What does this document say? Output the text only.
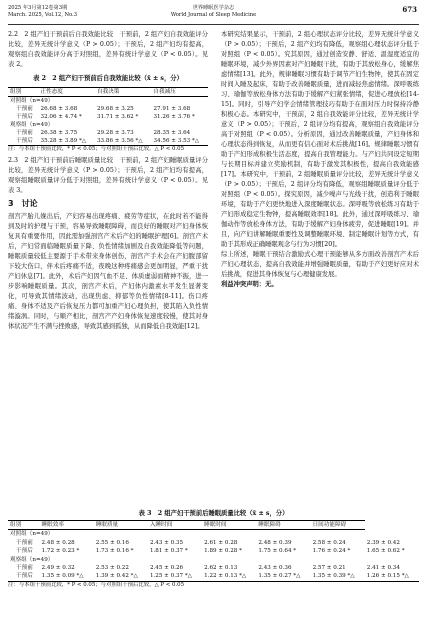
2025 年3月第12卷第3期
March. 2025, Vol.12, No.3
世界睡眠医学杂志
World Journal of Sleep Medicine
673

2.2　2 组产妇干预前后自我效能比较　干预前，2 组产妇自我效能评分比较，差异无统计学意义（P > 0.05）；干预后，2 组产妇均有提高，观察组自我效能评分高于对照组，差异有统计学意义（P < 0.05）。见表 2。

表 2　2 组产妇干预前后自我效能比较（x̄ ± s，分）
组别	正性态度	自我决策	自我减压
对照组（n=49）			
干预前	26.68 ± 3.68	29.68 ± 3.25	27.91 ± 3.68
干预后	32.06 ± 4.74 *	31.71 ± 3.62 *	31.26 ± 3.76 *
观察组（n=49）			
干预前	26.38 ± 3.75	29.28 ± 3.73	28.35 ± 3.64
干预后	35.28 ± 3.89 *△	33.86 ± 3.56 *△	34.56 ± 3.53 *△
注：与本组干预前比较，* P < 0.05；与对照组干预后比较，△ P < 0.05

2.3　2 组产妇干预前后睡眠质量比较　干预前，2 组产妇睡眠质量评分比较，差异无统计学意义（P > 0.05）；干预后，2 组产妇均有提高，观察组睡眠质量评分低于对照组，差异有统计学意义（P < 0.05）。见表 3。

3　讨论

剖宫产胎儿娩出后，产妇容易出现疼痛、疲劳等症状，在此时若不能得到及时的护理与干预，容易导致睡眠障碍，而良好的睡眠对产妇身体恢复具有重要作用，因此需加强剖宫产术后产妇的睡眠护理[6]。剖宫产术后，产妇常面临睡眠质量下降、负性情绪加剧及自我效能降低等问题，睡眠质量较低主要源于手术带来身体创伤，剖宫产手术会在产妇腹部留下较大伤口，伴术后疼痛不适，夜晚这种疼痛感会更加明显，严重干扰产妇休息[7]。此外，术后产妇因气血不足、体质虚弱而精神不振，进一步影响睡眠质量。其次，剖宫产术后，产妇体内激素水平发生显著变化，可导致其情绪波动，出现焦虑、抑郁等负性情绪[8-11]。伤口疼痛、身体不适及产后恢复压力都可加重产妇心理负担，使其陷入负性情绪漩涡。同时，与顺产相比，剖宫产产妇身体恢复速度较慢，使其对身体状况产生不满与挫败感，导致其感到孤独，从而降低自我效能[12]。

本研究结果显示，干预前，2 组心理状态评分比较，差异无统计学意义（P > 0.05）；干预后，2 组产妇均有降低，观察组心理状态评分低于对照组（P < 0.05）。究其原因，通过创造安静、舒适、温湿度适宜的睡眠环境，减少外界因素对产妇睡眠干扰，有助于其放松身心，缓解焦虑情绪[13]。此外，规律睡眠习惯有助于调节产妇生物钟，使其在固定时间入睡及起床，有助于改善睡眠质量，进而减轻焦虑情绪。深呼吸练习、瑜伽等放松身体方法有助于缓解产妇紧张情绪，促进心理放松[14-15]。同时，引导产妇学会情绪管理技巧有助于在面对压力时保持冷静积极心态。本研究中，干预前，2 组自我效能评分比较，差异无统计学意义（P > 0.05）；干预后，2 组评分均有提高，观察组自我效能评分高于对照组（P < 0.05）。分析原因，通过改善睡眠质量，产妇身体和心理状态得到恢复，从而更有信心面对术后挑战[16]。规律睡眠习惯有助于产妇形成积极生活态度，提高自我管理能力。与产妇共同设定短期与长期目标并建立奖励机制，有助于激发其积极性，提高自我效能感[17]。本研究中，干预前，2 组睡眠质量评分比较，差异无统计学意义（P > 0.05）；干预后，2 组评分均有降低，观察组睡眠质量评分低于对照组（P < 0.05）。探究原因，减少噪声与光线干扰，创造利于睡眠环境，有助于产妇更快地进入深度睡眠状态。深呼吸等放松练习有助于产妇形成稳定生物钟，提高睡眠效率[18]。此外，通过深呼吸练习、瑜伽动作等放松身体方法，有助于缓解产妇身体疲劳，促进睡眠[19]。并且，向产妇讲解睡眠重要性及调整睡眠环境、制定睡眠计划等方式，有助于其形成正确睡眠观念与行为习惯[20]。

综上所述，睡眠干预结合激励式心理干预能够从多方面改善剖宫产术后产妇心理状态，提高自我效能并增强睡眠质量，有助于产妇更好应对术后挑战，促进其身体恢复与心理健康发展。

利益冲突声明：无。

表 3　2 组产妇干预前后睡眠质量比较（x̄ ± s，分）
组别	睡眠效率	睡眠质量	入睡时间	睡眠时间	睡眠障碍	日间功能障碍	
对照组（n=49）							
干预前	2.48 ± 0.28	2.55 ± 0.16	2.43 ± 0.35	2.61 ± 0.28	2.48 ± 0.39	2.58 ± 0.24	2.39 ± 0.42
干预后	1.72 ± 0.23 *	1.73 ± 0.16 *	1.81 ± 0.37 *	1.89 ± 0.28 *	1.75 ± 0.64 *	1.76 ± 0.24 *	1.65 ± 0.62 *
观察组（n=49）							
干预前	2.49 ± 0.32	2.53 ± 0.22	2.45 ± 0.26	2.62 ± 0.13	2.43 ± 0.36	2.57 ± 0.21	2.41 ± 0.34
干预后	1.35 ± 0.09 *△	1.39 ± 0.42 *△	1.25 ± 0.37 *△	1.22 ± 0.13 *△	1.35 ± 0.27 *△	1.35 ± 0.39 *△	1.26 ± 0.15 *△
注：与本组干预前比较，* P < 0.05；与对照组干预后比较，△ P < 0.05
